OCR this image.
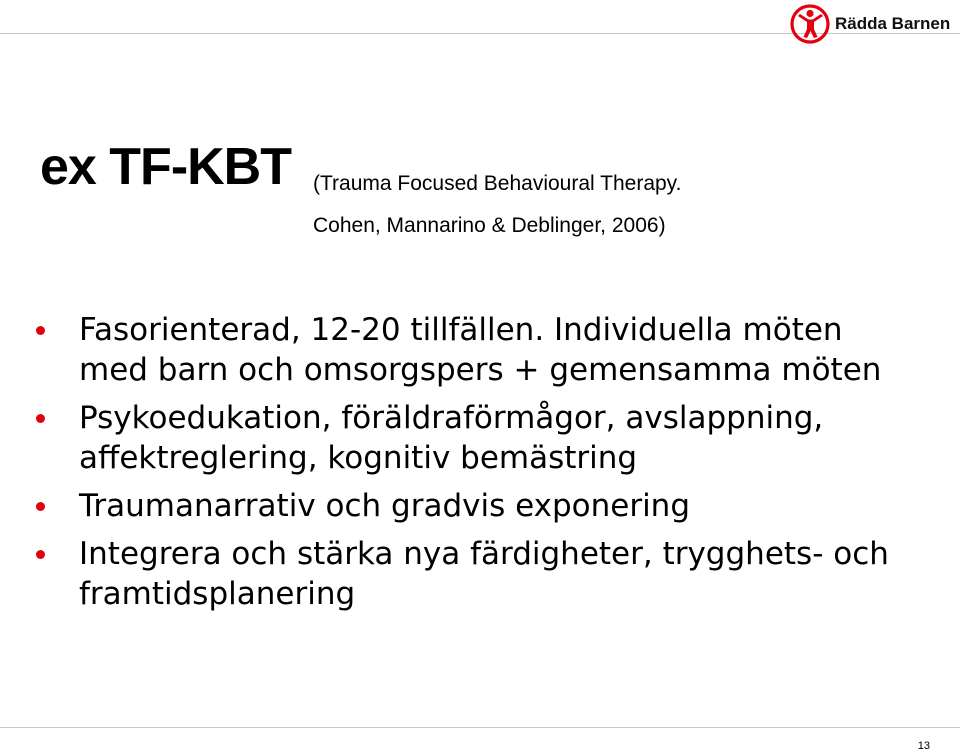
Rädda Barnen
ex TF-KBT (Trauma Focused Behavioural Therapy.
Cohen, Mannarino & Deblinger, 2006)
Fasorienterad, 12-20 tillfällen. Individuella möten med barn och omsorgspers + gemensamma möten
Psykoedukation, föräldraförmågor, avslappning, affektreglering, kognitiv bemästring
Traumanarrativ och gradvis exponering
Integrera och stärka nya färdigheter, trygghets- och framtidsplanering
13
